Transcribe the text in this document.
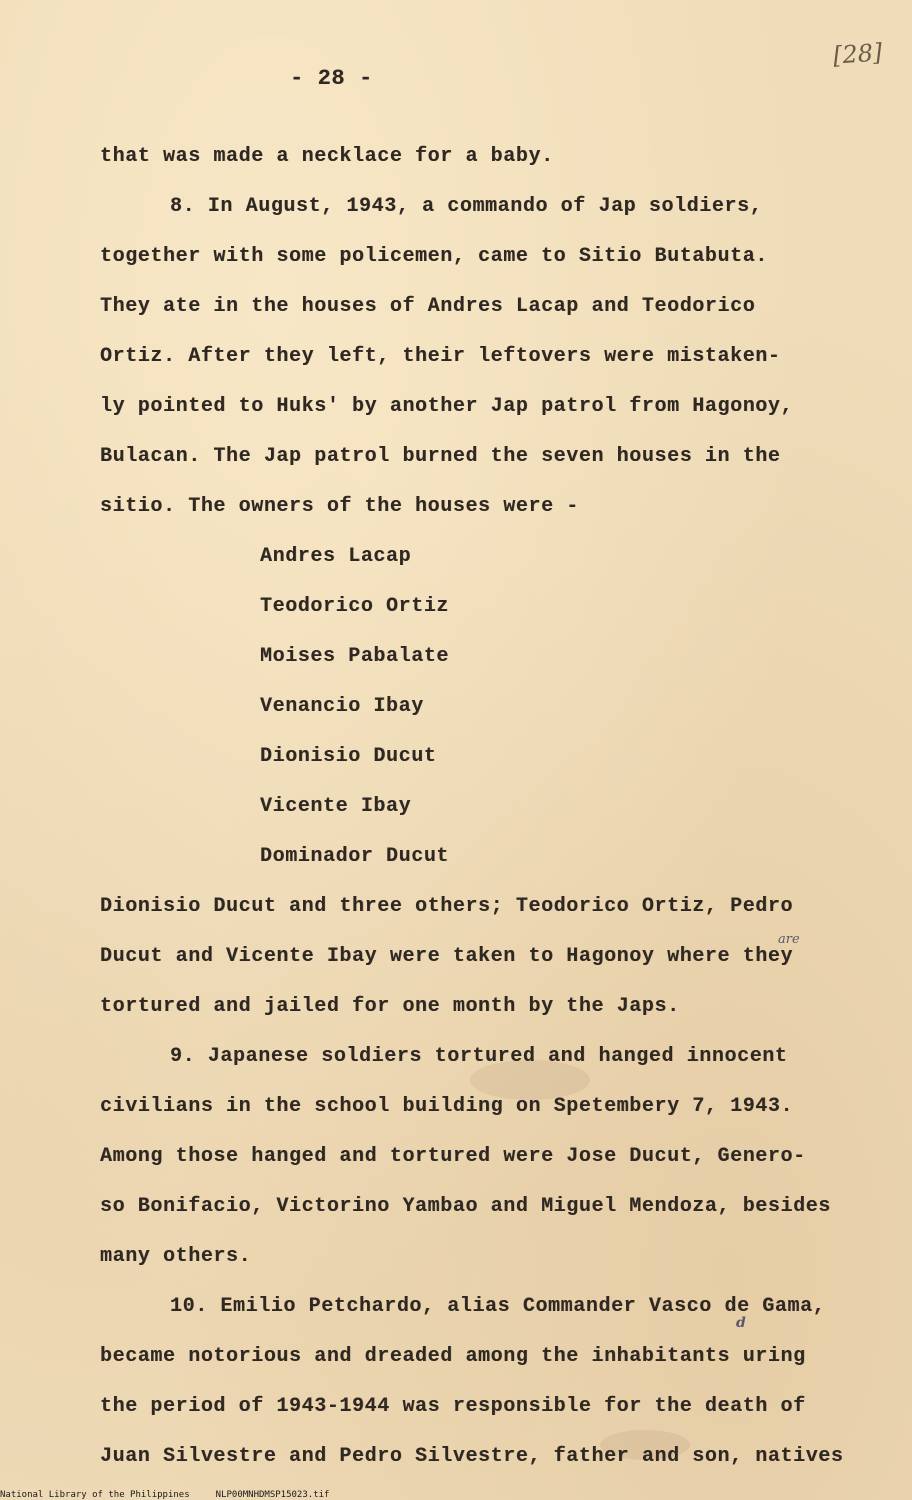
- 28 -

[28]

that was made a necklace for a baby.

8. In August, 1943, a commando of Jap soldiers,

together with some policemen, came to Sitio Butabuta.

They ate in the houses of Andres Lacap and Teodorico

Ortiz. After they left, their leftovers were mistaken-

ly pointed to Huks' by another Jap patrol from Hagonoy,

Bulacan. The Jap patrol burned the seven houses in the

sitio. The owners of the houses were -

Andres Lacap

Teodorico Ortiz

Moises Pabalate

Venancio Ibay

Dionisio Ducut

Vicente Ibay

Dominador Ducut

Dionisio Ducut and three others; Teodorico Ortiz, Pedro

Ducut and Vicente Ibay were taken to Hagonoy where they

are

tortured and jailed for one month by the Japs.

9. Japanese soldiers tortured and hanged innocent

civilians in the school building on Spetembery 7, 1943.

Among those hanged and tortured were Jose Ducut, Genero-

so Bonifacio, Victorino Yambao and Miguel Mendoza, besides

many others.

10. Emilio Petchardo, alias Commander Vasco de Gama,

d

became notorious and dreaded among the inhabitants uring

the period of 1943-1944 was responsible for the death of

Juan Silvestre and Pedro Silvestre, father and son, natives

National Library of the Philippines	NLP00MNHDMSP15023.tif
